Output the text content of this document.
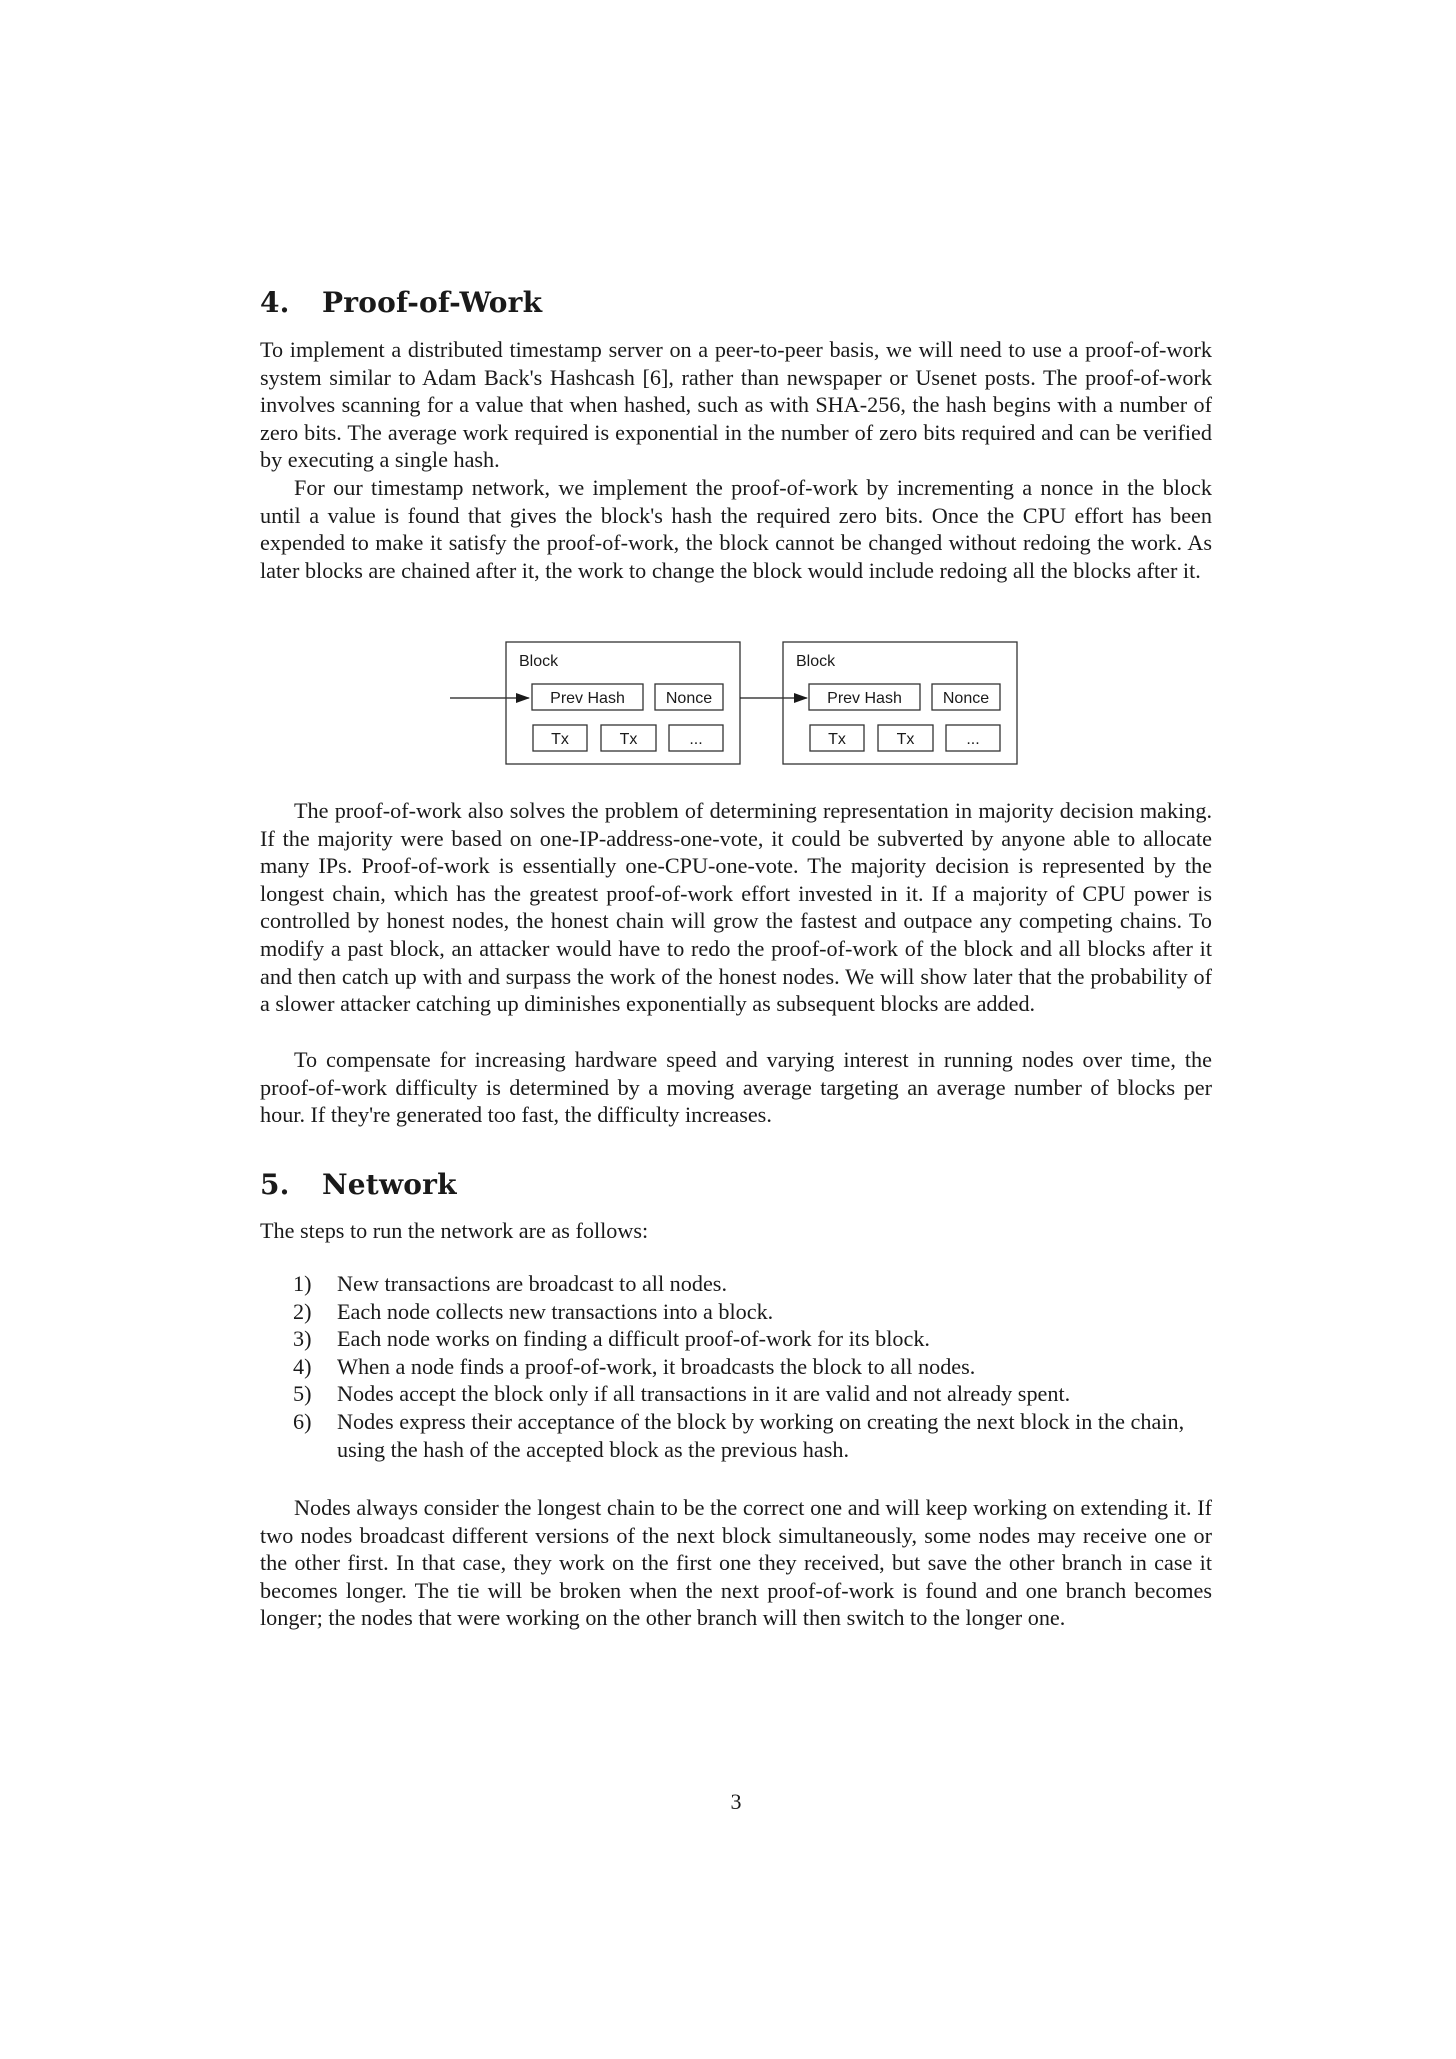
4. Proof-of-Work

To implement a distributed timestamp server on a peer-to-peer basis, we will need to use a proof-of-work system similar to Adam Back's Hashcash [6], rather than newspaper or Usenet posts. The proof-of-work involves scanning for a value that when hashed, such as with SHA-256, the hash begins with a number of zero bits. The average work required is exponential in the number of zero bits required and can be verified by executing a single hash.

For our timestamp network, we implement the proof-of-work by incrementing a nonce in the block until a value is found that gives the block's hash the required zero bits. Once the CPU effort has been expended to make it satisfy the proof-of-work, the block cannot be changed without redoing the work. As later blocks are chained after it, the work to change the block would include redoing all the blocks after it.

Block
Prev Hash	Nonce
Tx	Tx	...
Block
Prev Hash	Nonce
Tx	Tx	...

The proof-of-work also solves the problem of determining representation in majority decision making. If the majority were based on one-IP-address-one-vote, it could be subverted by anyone able to allocate many IPs. Proof-of-work is essentially one-CPU-one-vote. The majority decision is represented by the longest chain, which has the greatest proof-of-work effort invested in it. If a majority of CPU power is controlled by honest nodes, the honest chain will grow the fastest and outpace any competing chains. To modify a past block, an attacker would have to redo the proof-of-work of the block and all blocks after it and then catch up with and surpass the work of the honest nodes. We will show later that the probability of a slower attacker catching up diminishes exponentially as subsequent blocks are added.

To compensate for increasing hardware speed and varying interest in running nodes over time, the proof-of-work difficulty is determined by a moving average targeting an average number of blocks per hour. If they're generated too fast, the difficulty increases.

5. Network

The steps to run the network are as follows:

1) New transactions are broadcast to all nodes.
2) Each node collects new transactions into a block.
3) Each node works on finding a difficult proof-of-work for its block.
4) When a node finds a proof-of-work, it broadcasts the block to all nodes.
5) Nodes accept the block only if all transactions in it are valid and not already spent.
6) Nodes express their acceptance of the block by working on creating the next block in the chain, using the hash of the accepted block as the previous hash.

Nodes always consider the longest chain to be the correct one and will keep working on extending it. If two nodes broadcast different versions of the next block simultaneously, some nodes may receive one or the other first. In that case, they work on the first one they received, but save the other branch in case it becomes longer. The tie will be broken when the next proof-of-work is found and one branch becomes longer; the nodes that were working on the other branch will then switch to the longer one.

3
